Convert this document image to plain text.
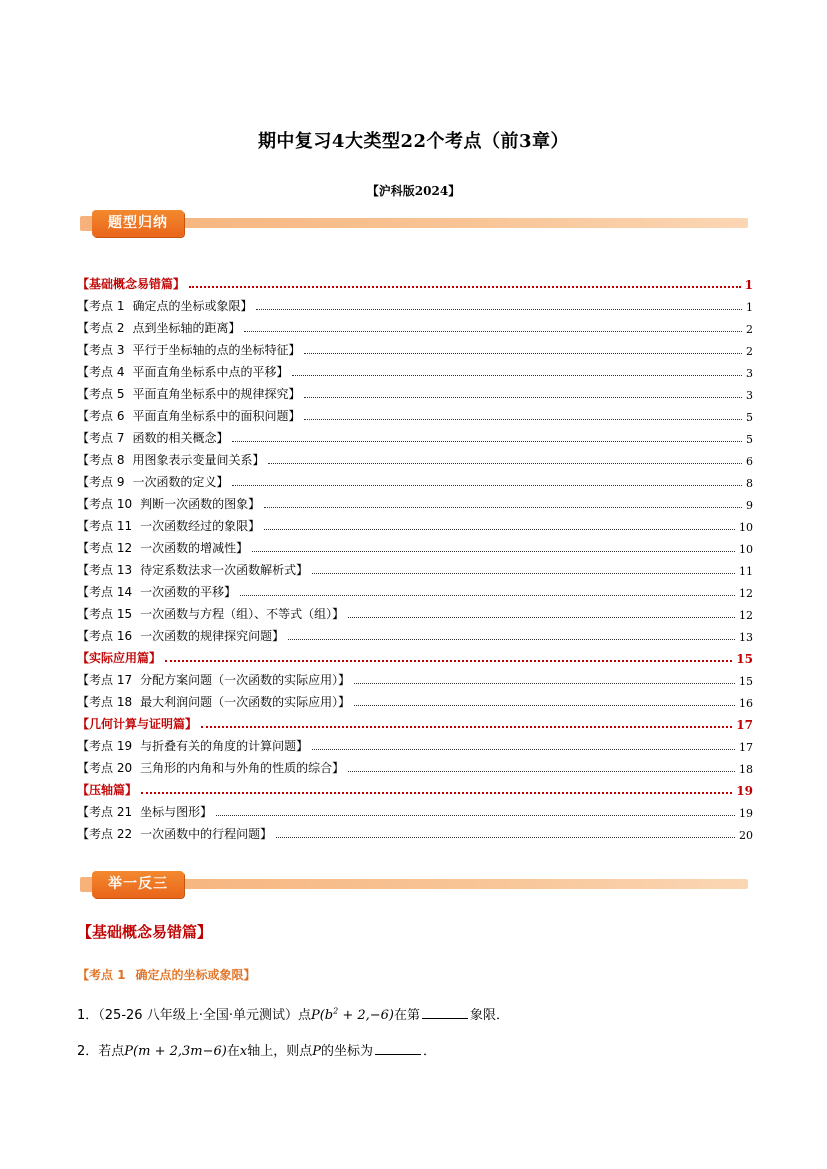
期中复习4大类型22个考点（前3章）
【沪科版2024】
题型归纳
【基础概念易错篇】	1
【考点 1 确定点的坐标或象限】	1
【考点 2 点到坐标轴的距离】	2
【考点 3 平行于坐标轴的点的坐标特征】	2
【考点 4 平面直角坐标系中点的平移】	3
【考点 5 平面直角坐标系中的规律探究】	3
【考点 6 平面直角坐标系中的面积问题】	5
【考点 7 函数的相关概念】	5
【考点 8 用图象表示变量间关系】	6
【考点 9 一次函数的定义】	8
【考点 10 判断一次函数的图象】	9
【考点 11 一次函数经过的象限】	10
【考点 12 一次函数的增减性】	10
【考点 13 待定系数法求一次函数解析式】	11
【考点 14 一次函数的平移】	12
【考点 15 一次函数与方程（组）、不等式（组）】	12
【考点 16 一次函数的规律探究问题】	13
【实际应用篇】	15
【考点 17 分配方案问题（一次函数的实际应用）】	15
【考点 18 最大利润问题（一次函数的实际应用）】	16
【几何计算与证明篇】	17
【考点 19 与折叠有关的角度的计算问题】	17
【考点 20 三角形的内角和与外角的性质的综合】	18
【压轴篇】	19
【考点 21 坐标与图形】	19
【考点 22 一次函数中的行程问题】	20
举一反三
【基础概念易错篇】
【考点 1 确定点的坐标或象限】
1．（25-26 八年级上·全国·单元测试）点$P(b^2 + 2,-6)$在第	象限．
2．若点P(m + 2,3m−6)在x轴上，则点P的坐标为	．
